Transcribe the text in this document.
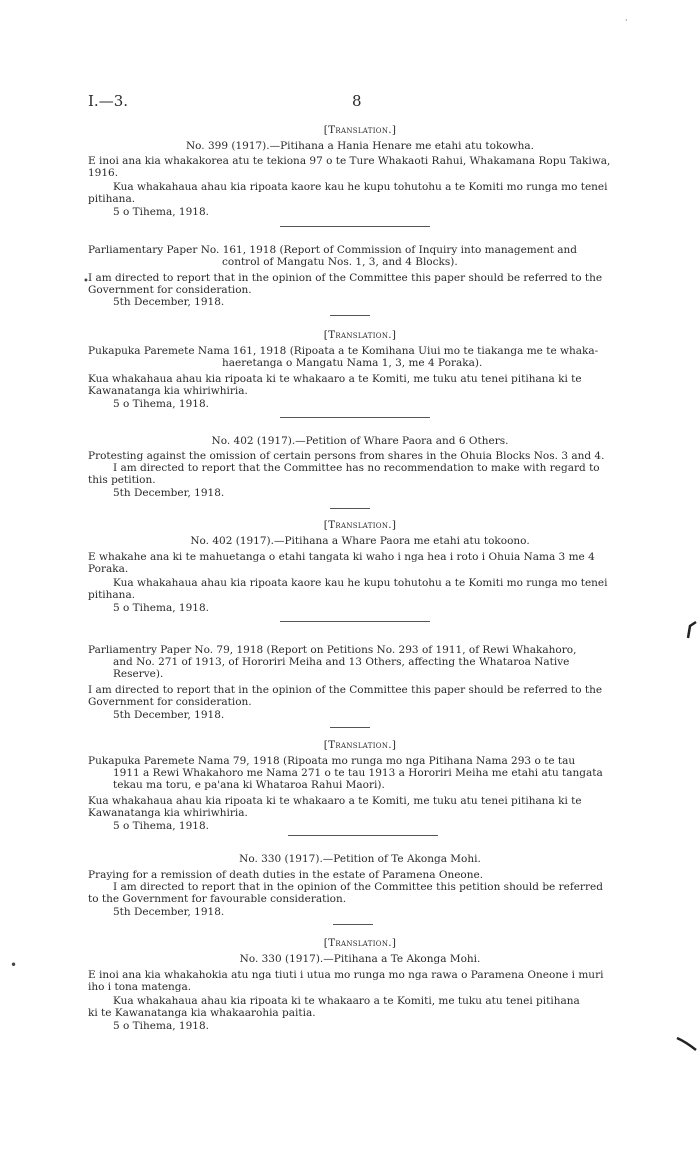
I.—3.	8
[Translation.]
No. 399 (1917).—Pitihana a Hania Henare me etahi atu tokowha.
E inoi ana kia whakakorea atu te tekiona 97 o te Ture Whakaoti Rahui, Whakamana Ropu Takiwa,
1916.
Kua whakahaua ahau kia ripoata kaore kau he kupu tohutohu a te Komiti mo runga mo tenei
pitihana.
5 o Tihema, 1918.
Parliamentary Paper No. 161, 1918 (Report of Commission of Inquiry into management and
control of Mangatu Nos. 1, 3, and 4 Blocks).
I am directed to report that in the opinion of the Committee this paper should be referred to the
Government for consideration.
5th December, 1918.
[Translation.]
Pukapuka Paremete Nama 161, 1918 (Ripoata a te Komihana Uiui mo te tiakanga me te whaka-
haeretanga o Mangatu Nama 1, 3, me 4 Poraka).
Kua whakahaua ahau kia ripoata ki te whakaaro a te Komiti, me tuku atu tenei pitihana ki te
Kawanatanga kia whiriwhiria.
5 o Tihema, 1918.
No. 402 (1917).—Petition of Whare Paora and 6 Others.
Protesting against the omission of certain persons from shares in the Ohuia Blocks Nos. 3 and 4.
I am directed to report that the Committee has no recommendation to make with regard to
this petition.
5th December, 1918.
[Translation.]
No. 402 (1917).—Pitihana a Whare Paora me etahi atu tokoono.
E whakahe ana ki te mahuetanga o etahi tangata ki waho i nga hea i roto i Ohuia Nama 3 me 4
Poraka.
Kua whakahaua ahau kia ripoata kaore kau he kupu tohutohu a te Komiti mo runga mo tenei
pitihana.
5 o Tihema, 1918.
Parliamentry Paper No. 79, 1918 (Report on Petitions No. 293 of 1911, of Rewi Whakahoro,
and No. 271 of 1913, of Hororiri Meiha and 13 Others, affecting the Whataroa Native
Reserve).
I am directed to report that in the opinion of the Committee this paper should be referred to the
Government for consideration.
5th December, 1918.
[Translation.]
Pukapuka Paremete Nama 79, 1918 (Ripoata mo runga mo nga Pitihana Nama 293 o te tau
1911 a Rewi Whakahoro me Nama 271 o te tau 1913 a Hororiri Meiha me etahi atu tangata
tekau ma toru, e pa'ana ki Whataroa Rahui Maori).
Kua whakahaua ahau kia ripoata ki te whakaaro a te Komiti, me tuku atu tenei pitihana ki te
Kawanatanga kia whiriwhiria.
5 o Tihema, 1918.
No. 330 (1917).—Petition of Te Akonga Mohi.
Praying for a remission of death duties in the estate of Paramena Oneone.
I am directed to report that in the opinion of the Committee this petition should be referred
to the Government for favourable consideration.
5th December, 1918.
[Translation.]
No. 330 (1917).—Pitihana a Te Akonga Mohi.
E inoi ana kia whakahokia atu nga tiuti i utua mo runga mo nga rawa o Paramena Oneone i muri
iho i tona matenga.
Kua whakahaua ahau kia ripoata ki te whakaaro a te Komiti, me tuku atu tenei pitihana
ki te Kawanatanga kia whakaarohia paitia.
5 o Tihema, 1918.
·
•
•
